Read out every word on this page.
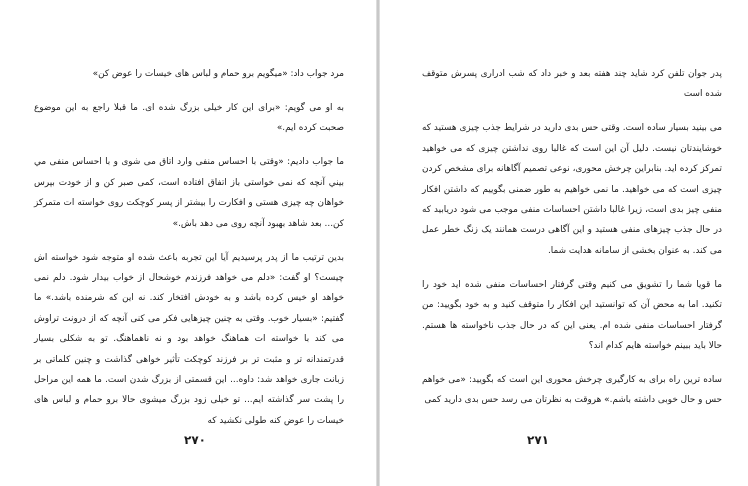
مرد جواب داد: «میگویم برو حمام و لباس های خیسات را عوض کن»

به او می گویم: «برای این کار خیلی بزرگ شده ای. ما قبلا راجع به این موضوع صحبت کرده ایم.»

ما جواب دادیم: «وقتی با احساس منفی وارد اتاق می شوی و با احساس منفی مي بيني آنچه که نمی خواستی باز اتفاق افتاده است، کمی صبر کن و از خودت بپرس خواهان چه چیزی هستی و افکارت را بیشتر از پسر کوچکت روی خواسته ات متمرکز کن... بعد شاهد بهبود آنچه روی می دهد باش.»

بدین ترتیب ما از پدر پرسیدیم آیا این تجربه باعث شده او متوجه شود خواسته اش چیست؟ او گفت: «دلم می خواهد فرزندم خوشحال از خواب بیدار شود. دلم نمی خواهد او خیس کرده باشد و به خودش افتخار کند. نه این که شرمنده باشد.» ما گفتیم: «بسیار خوب. وقتی به چنین چیزهایی فکر می کنی آنچه که از درونت تراوش می کند با خواسته ات هماهنگ خواهد بود و نه ناهماهنگ. تو به شکلی بسیار قدرتمندانه تر و مثبت تر بر فرزند کوچکت تأثیر خواهی گذاشت و چنین کلماتی بر زبانت جاری خواهد شد: داوه... این قسمتی از بزرگ شدن است. ما همه این مراحل را پشت سر گذاشته ایم... تو خیلی زود بزرگ میشوی حالا برو حمام و لباس های خیسات را عوض کنه طولی نکشید که

۲۷۰

پدر جوان تلفن کرد شاید چند هفته بعد و خبر داد که شب ادراری پسرش متوقف شده است

می بینید بسیار ساده است. وقتی حس بدی دارید در شرایط جذب چیزی هستید که خوشایندتان نیست. دلیل آن این است که غالبا روی نداشتن چیزی که می خواهید تمرکز کرده اید. بنابراین چرخش محوری، نوعی تصمیم آگاهانه برای مشخص کردن چیزی است که می خواهید. ما نمی خواهیم به طور ضمنی بگوییم که داشتن افکار منفی چیز بدی است، زیرا غالبا داشتن احساسات منفی موجب می شود دریابید که در حال جذب چیزهای منفی هستید و این آگاهی درست همانند یک زنگ خطر عمل می کند. به عنوان بخشی از سامانه هدایت شما.

ما قویا شما را تشویق می کنیم وقتی گرفتار احساسات منفی شده اید خود را تکنید. اما به محض آن که توانستید این افکار را متوقف کنید و به خود بگویید: من گرفتار احساسات منفی شده ام. یعنی این که در حال جذب ناخواسته ها هستم. حالا باید ببینم خواسته هایم کدام اند؟

ساده ترین راه برای به کارگیری چرخش محوری این است که بگویید: «می خواهم حس و حال خوبی داشته باشم.» هروقت به نظرتان می رسد حس بدی دارید کمی

۲۷۱
